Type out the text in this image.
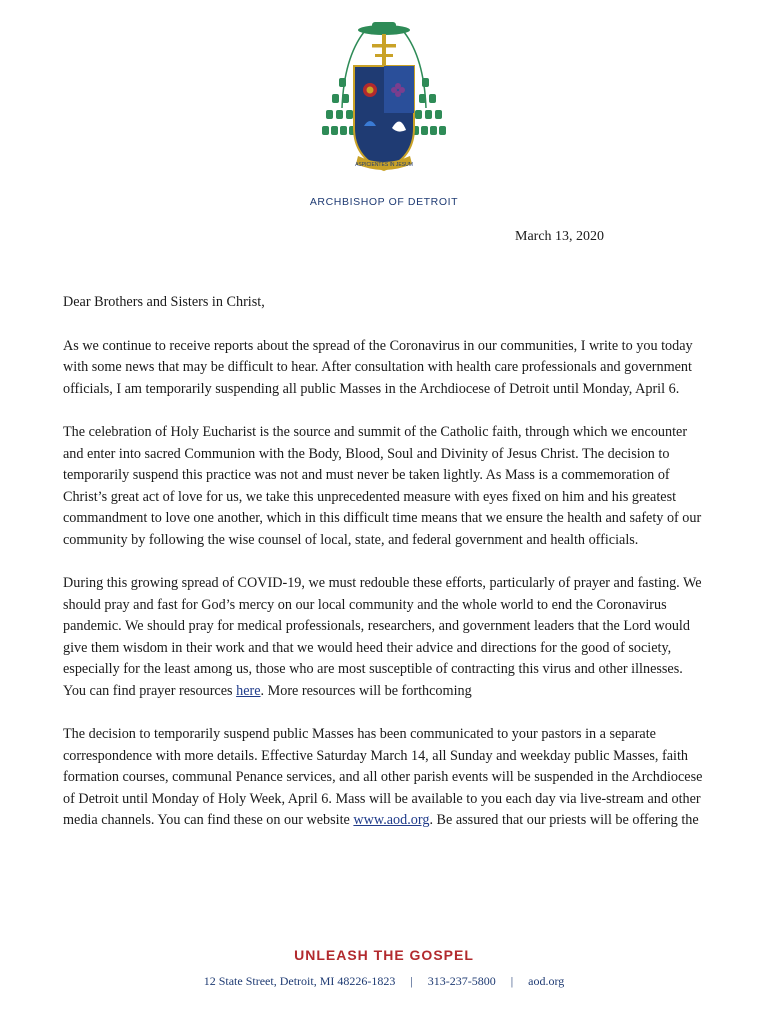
ASPICIENTES IN JESUM
ARCHBISHOP OF DETROIT
March 13, 2020

Dear Brothers and Sisters in Christ,

As we continue to receive reports about the spread of the Coronavirus in our communities, I write to you today with some news that may be difficult to hear. After consultation with health care professionals and government officials, I am temporarily suspending all public Masses in the Archdiocese of Detroit until Monday, April 6.

The celebration of Holy Eucharist is the source and summit of the Catholic faith, through which we encounter and enter into sacred Communion with the Body, Blood, Soul and Divinity of Jesus Christ. The decision to temporarily suspend this practice was not and must never be taken lightly. As Mass is a commemoration of Christ’s great act of love for us, we take this unprecedented measure with eyes fixed on him and his greatest commandment to love one another, which in this difficult time means that we ensure the health and safety of our community by following the wise counsel of local, state, and federal government and health officials.

During this growing spread of COVID-19, we must redouble these efforts, particularly of prayer and fasting. We should pray and fast for God’s mercy on our local community and the whole world to end the Coronavirus pandemic. We should pray for medical professionals, researchers, and government leaders that the Lord would give them wisdom in their work and that we would heed their advice and directions for the good of society, especially for the least among us, those who are most susceptible of contracting this virus and other illnesses. You can find prayer resources here. More resources will be forthcoming

The decision to temporarily suspend public Masses has been communicated to your pastors in a separate correspondence with more details. Effective Saturday March 14, all Sunday and weekday public Masses, faith formation courses, communal Penance services, and all other parish events will be suspended in the Archdiocese of Detroit until Monday of Holy Week, April 6. Mass will be available to you each day via live-stream and other media channels. You can find these on our website www.aod.org. Be assured that our priests will be offering the

UNLEASH THE GOSPEL
12 State Street, Detroit, MI 48226-1823 | 313-237-5800 | aod.org
